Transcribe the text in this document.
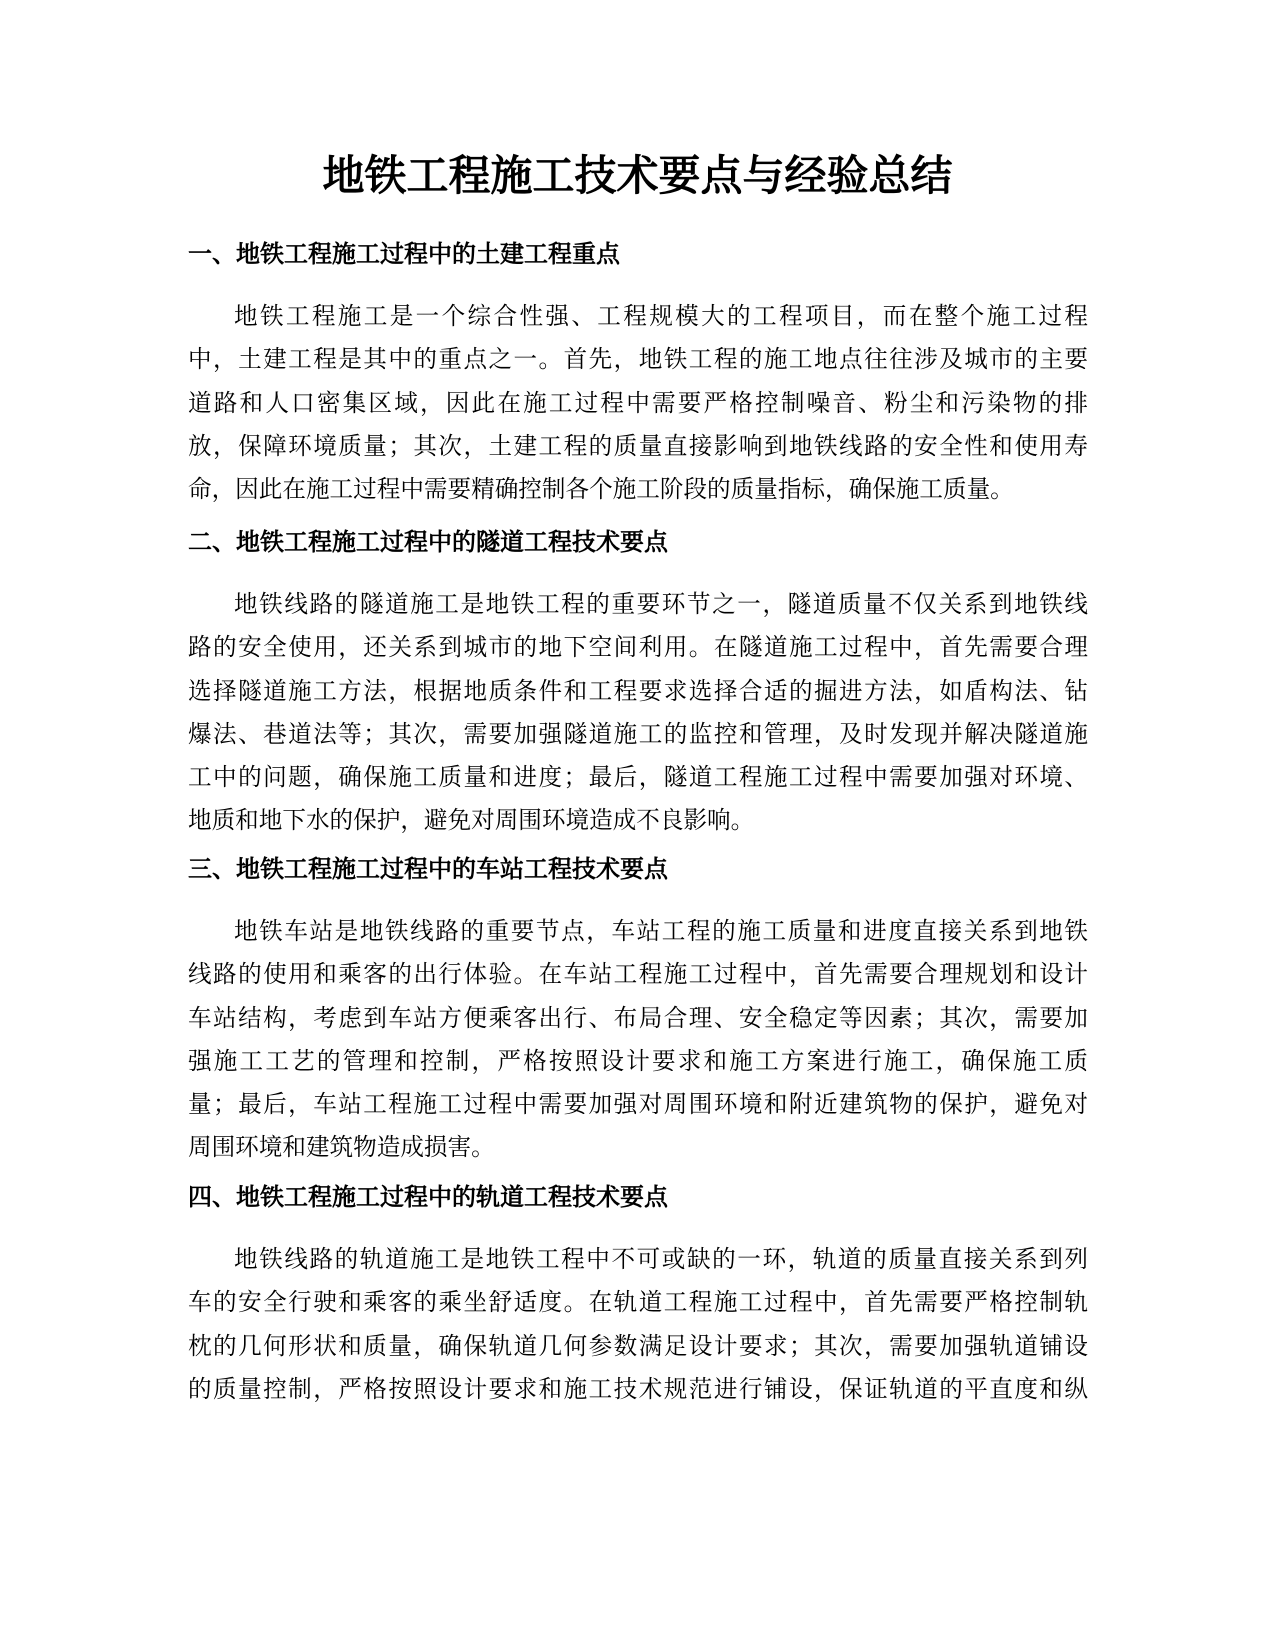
地铁工程施工技术要点与经验总结
一、地铁工程施工过程中的土建工程重点
地铁工程施工是一个综合性强、工程规模大的工程项目，而在整个施工过程
中，土建工程是其中的重点之一。首先，地铁工程的施工地点往往涉及城市的主要
道路和人口密集区域，因此在施工过程中需要严格控制噪音、粉尘和污染物的排
放，保障环境质量；其次，土建工程的质量直接影响到地铁线路的安全性和使用寿
命，因此在施工过程中需要精确控制各个施工阶段的质量指标，确保施工质量。
二、地铁工程施工过程中的隧道工程技术要点
地铁线路的隧道施工是地铁工程的重要环节之一，隧道质量不仅关系到地铁线
路的安全使用，还关系到城市的地下空间利用。在隧道施工过程中，首先需要合理
选择隧道施工方法，根据地质条件和工程要求选择合适的掘进方法，如盾构法、钻
爆法、巷道法等；其次，需要加强隧道施工的监控和管理，及时发现并解决隧道施
工中的问题，确保施工质量和进度；最后，隧道工程施工过程中需要加强对环境、
地质和地下水的保护，避免对周围环境造成不良影响。
三、地铁工程施工过程中的车站工程技术要点
地铁车站是地铁线路的重要节点，车站工程的施工质量和进度直接关系到地铁
线路的使用和乘客的出行体验。在车站工程施工过程中，首先需要合理规划和设计
车站结构，考虑到车站方便乘客出行、布局合理、安全稳定等因素；其次，需要加
强施工工艺的管理和控制，严格按照设计要求和施工方案进行施工，确保施工质
量；最后，车站工程施工过程中需要加强对周围环境和附近建筑物的保护，避免对
周围环境和建筑物造成损害。
四、地铁工程施工过程中的轨道工程技术要点
地铁线路的轨道施工是地铁工程中不可或缺的一环，轨道的质量直接关系到列
车的安全行驶和乘客的乘坐舒适度。在轨道工程施工过程中，首先需要严格控制轨
枕的几何形状和质量，确保轨道几何参数满足设计要求；其次，需要加强轨道铺设
的质量控制，严格按照设计要求和施工技术规范进行铺设，保证轨道的平直度和纵
